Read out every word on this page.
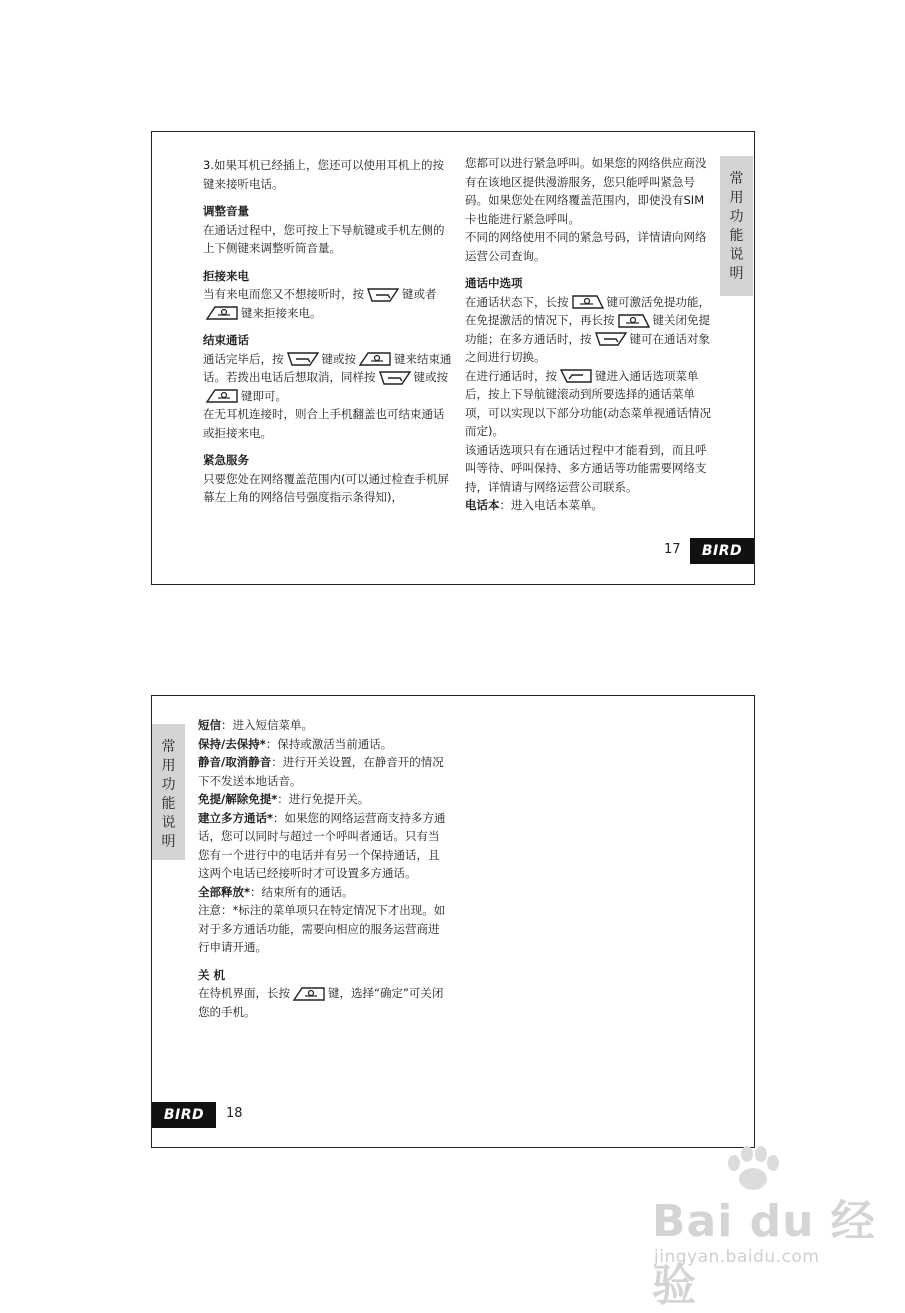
3.如果耳机已经插上，您还可以使用耳机上的按键来接听电话。

调整音量

在通话过程中，您可按上下导航键或手机左侧的上下侧键来调整听筒音量。

拒接来电

当有来电而您又不想接听时，按	键或者

键来拒接来电。

结束通话

通话完毕后，按	键或按	键来结束通话。若拨出电话后想取消，同样按	键或按
键即可。

在无耳机连接时，则合上手机翻盖也可结束通话或拒接来电。

紧急服务

只要您处在网络覆盖范围内(可以通过检查手机屏幕左上角的网络信号强度指示条得知)，

您都可以进行紧急呼叫。如果您的网络供应商没有在该地区提供漫游服务，您只能呼叫紧急号码。如果您处在网络覆盖范围内，即使没有SIM卡也能进行紧急呼叫。

不同的网络使用不同的紧急号码，详情请向网络运营公司查询。

通话中选项

在通话状态下，长按	键可激活免提功能，在免提激活的情况下，再长按	键关闭免提功能；在多方通话时，按	键可在通话对象之间进行切换。

在进行通话时，按	键进入通话选项菜单后，按上下导航键滚动到所要选择的通话菜单项，可以实现以下部分功能(动态菜单视通话情况而定)。

该通话选项只有在通话过程中才能看到，而且呼叫等待、呼叫保持、多方通话等功能需要网络支持，详情请与网络运营公司联系。

电话本：进入电话本菜单。

常
用
功
能
说
明
17	BIRD
常
用
功
能
说
明

短信：进入短信菜单。

保持/去保持*：保持或激活当前通话。

静音/取消静音：进行开关设置，在静音开的情况下不发送本地话音。

免提/解除免提*：进行免提开关。

建立多方通话*：如果您的网络运营商支持多方通话，您可以同时与超过一个呼叫者通话。只有当您有一个进行中的电话并有另一个保持通话，且这两个电话已经接听时才可设置多方通话。

全部释放*：结束所有的通话。

注意：*标注的菜单项只在特定情况下才出现。如对于多方通话功能，需要向相应的服务运营商进行申请开通。

关 机

在待机界面，长按	键，选择“确定”可关闭您的手机。

BIRD	18
Bai du 经验
jingyan.baidu.com
